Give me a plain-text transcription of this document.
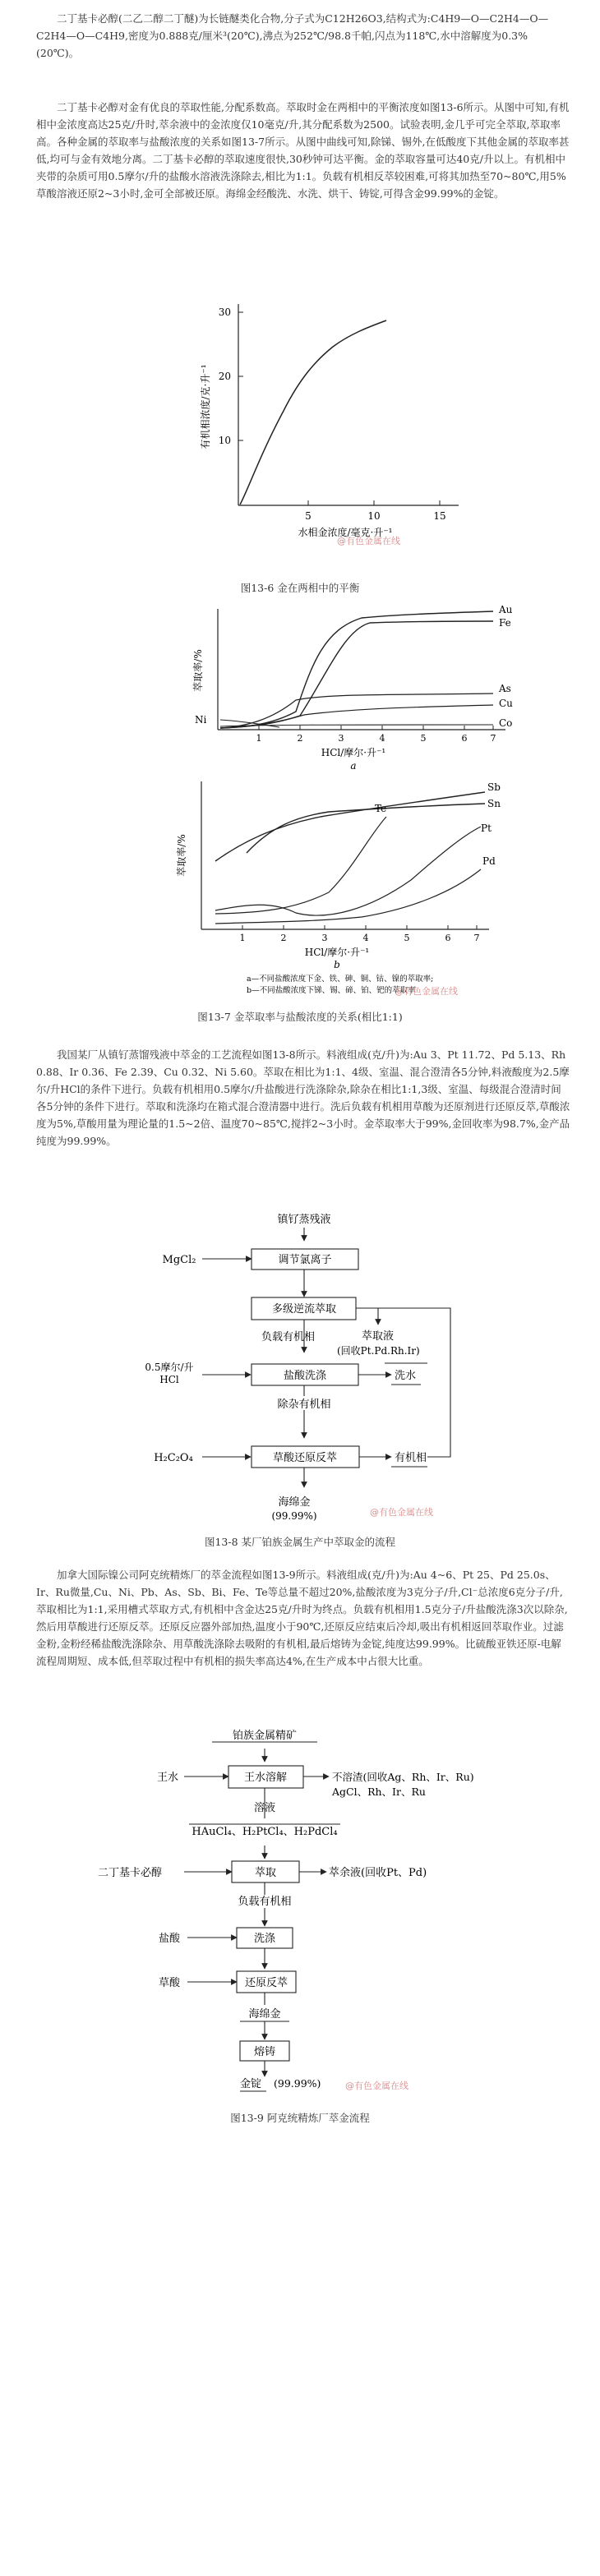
二丁基卡必醇(二乙二醇二丁醚)为长链醚类化合物,分子式为C12H26O3,结构式为:C4H9—O—C2H4—O—C2H4—O—C4H9,密度为0.888克/厘米³(20℃),沸点为252℃/98.8千帕,闪点为118℃,水中溶解度为0.3%(20℃)。

二丁基卡必醇对金有优良的萃取性能,分配系数高。萃取时金在两相中的平衡浓度如图13-6所示。从图中可知,有机相中金浓度高达25克/升时,萃余液中的金浓度仅10毫克/升,其分配系数为2500。试验表明,金几乎可完全萃取,萃取率高。各种金属的萃取率与盐酸浓度的关系如图13-7所示。从图中曲线可知,除锑、锡外,在低酸度下其他金属的萃取率甚低,均可与金有效地分离。二丁基卡必醇的萃取速度很快,30秒钟可达平衡。金的萃取容量可达40克/升以上。有机相中夹带的杂质可用0.5摩尔/升的盐酸水溶液洗涤除去,相比为1:1。负载有机相反萃较困难,可将其加热至70~80℃,用5%草酸溶液还原2~3小时,金可全部被还原。海绵金经酸洗、水洗、烘干、铸锭,可得含金99.99%的金锭。

30
20
10
5	10	15
有机相浓度/克·升⁻¹
水相金浓度/毫克·升⁻¹
@有色金属在线
图13-6 金在两相中的平衡
Au
Fe
As
Cu
Co
Ni
萃取率/%
1	2	3	4	5	6	7
HCl/摩尔·升⁻¹
a
Sb
Sn
Te
Pt
Pd
萃取率/%
1	2	3	4	5	6	7
HCl/摩尔·升⁻¹
b
a—不同盐酸浓度下金、铁、砷、铜、钴、镍的萃取率;
b—不同盐酸浓度下锑、锡、碲、铂、钯的萃取率
@有色金属在线
图13-7 金萃取率与盐酸浓度的关系(相比1:1)

我国某厂从镇钌蒸馏残液中萃金的工艺流程如图13-8所示。料液组成(克/升)为:Au 3、Pt 11.72、Pd 5.13、Rh 0.88、Ir 0.36、Fe 2.39、Cu 0.32、Ni 5.60。萃取在相比为1:1、4级、室温、混合澄清各5分钟,料液酸度为2.5摩尔/升HCl的条件下进行。负载有机相用0.5摩尔/升盐酸进行洗涤除杂,除杂在相比1:1,3级、室温、每级混合澄清时间各5分钟的条件下进行。萃取和洗涤均在箱式混合澄清器中进行。洗后负载有机相用草酸为还原剂进行还原反萃,草酸浓度为5%,草酸用量为理论量的1.5~2倍、温度70~85℃,搅拌2~3小时。金萃取率大于99%,金回收率为98.7%,金产品纯度为99.99%。

镇钌蒸残液
MgCl₂	调节氯离子
多级逆流萃取
负载有机相	萃取液
(回收Pt.Pd.Rh.Ir)
0.5摩尔/升
HCl	盐酸洗涤	洗水
除杂有机相
H₂C₂O₄	草酸还原反萃	有机相
海绵金
(99.99%)	@有色金属在线
图13-8 某厂铂族金属生产中萃取金的流程

加拿大国际镍公司阿克统精炼厂的萃金流程如图13-9所示。料液组成(克/升)为:Au 4~6、Pt 25、Pd 25.0s、Ir、Ru微量,Cu、Ni、Pb、As、Sb、Bi、Fe、Te等总量不超过20%,盐酸浓度为3克分子/升,Cl⁻总浓度6克分子/升,萃取相比为1:1,采用槽式萃取方式,有机相中含金达25克/升时为终点。负载有机相用1.5克分子/升盐酸洗涤3次以除杂,然后用草酸进行还原反萃。还原反应器外部加热,温度小于90℃,还原反应结束后冷却,吸出有机相返回萃取作业。过滤金粉,金粉经稀盐酸洗涤除杂、用草酸洗涤除去吸附的有机相,最后熔铸为金锭,纯度达99.99%。比硫酸亚铁还原-电解流程周期短、成本低,但萃取过程中有机相的损失率高达4%,在生产成本中占很大比重。

铂族金属精矿
王水	王水溶解	不溶渣(回收Ag、Rh、Ir、Ru)
AgCl、Rh、Ir、Ru
溶液
HAuCl₄、H₂PtCl₄、H₂PdCl₄
二丁基卡必醇	萃取	萃余液(回收Pt、Pd)
负载有机相
盐酸	洗涤
草酸	还原反萃
海绵金
熔铸
金锭 (99.99%)	@有色金属在线
图13-9 阿克统精炼厂萃金流程
